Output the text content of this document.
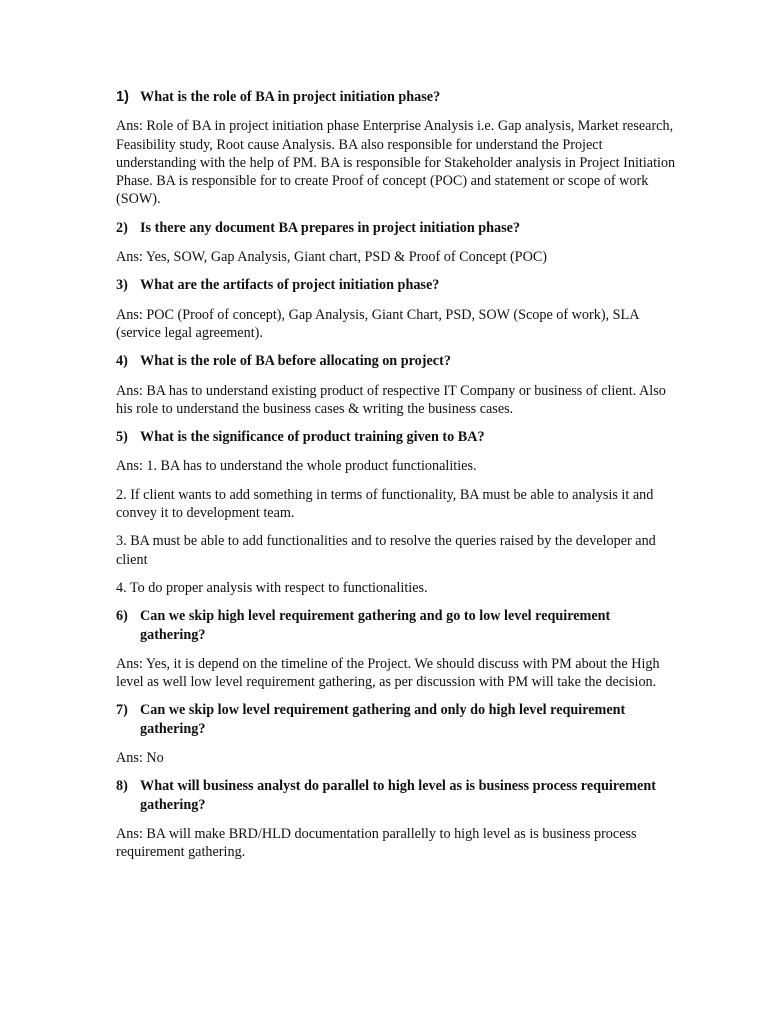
1) What is the role of BA in project initiation phase?
Ans: Role of BA in project initiation phase Enterprise Analysis i.e. Gap analysis, Market research, Feasibility study, Root cause Analysis. BA also responsible for understand the Project understanding with the help of PM. BA is responsible for Stakeholder analysis in Project Initiation Phase. BA is responsible for to create Proof of concept (POC) and statement or scope of work (SOW).
2) Is there any document BA prepares in project initiation phase?
Ans: Yes, SOW, Gap Analysis, Giant chart, PSD & Proof of Concept (POC)
3) What are the artifacts of project initiation phase?
Ans: POC (Proof of concept), Gap Analysis, Giant Chart, PSD, SOW (Scope of work), SLA (service legal agreement).
4) What is the role of BA before allocating on project?
Ans: BA has to understand existing product of respective IT Company or business of client. Also his role to understand the business cases & writing the business cases.
5) What is the significance of product training given to BA?
Ans: 1. BA has to understand the whole product functionalities.
2. If client wants to add something in terms of functionality, BA must be able to analysis it and convey it to development team.
3. BA must be able to add functionalities and to resolve the queries raised by the developer and client
4. To do proper analysis with respect to functionalities.
6) Can we skip high level requirement gathering and go to low level requirement gathering?
Ans: Yes, it is depend on the timeline of the Project. We should discuss with PM about the High level as well low level requirement gathering, as per discussion with PM will take the decision.
7) Can we skip low level requirement gathering and only do high level requirement gathering?
Ans: No
8) What will business analyst do parallel to high level as is business process requirement gathering?
Ans: BA will make BRD/HLD documentation parallelly to high level as is business process requirement gathering.
